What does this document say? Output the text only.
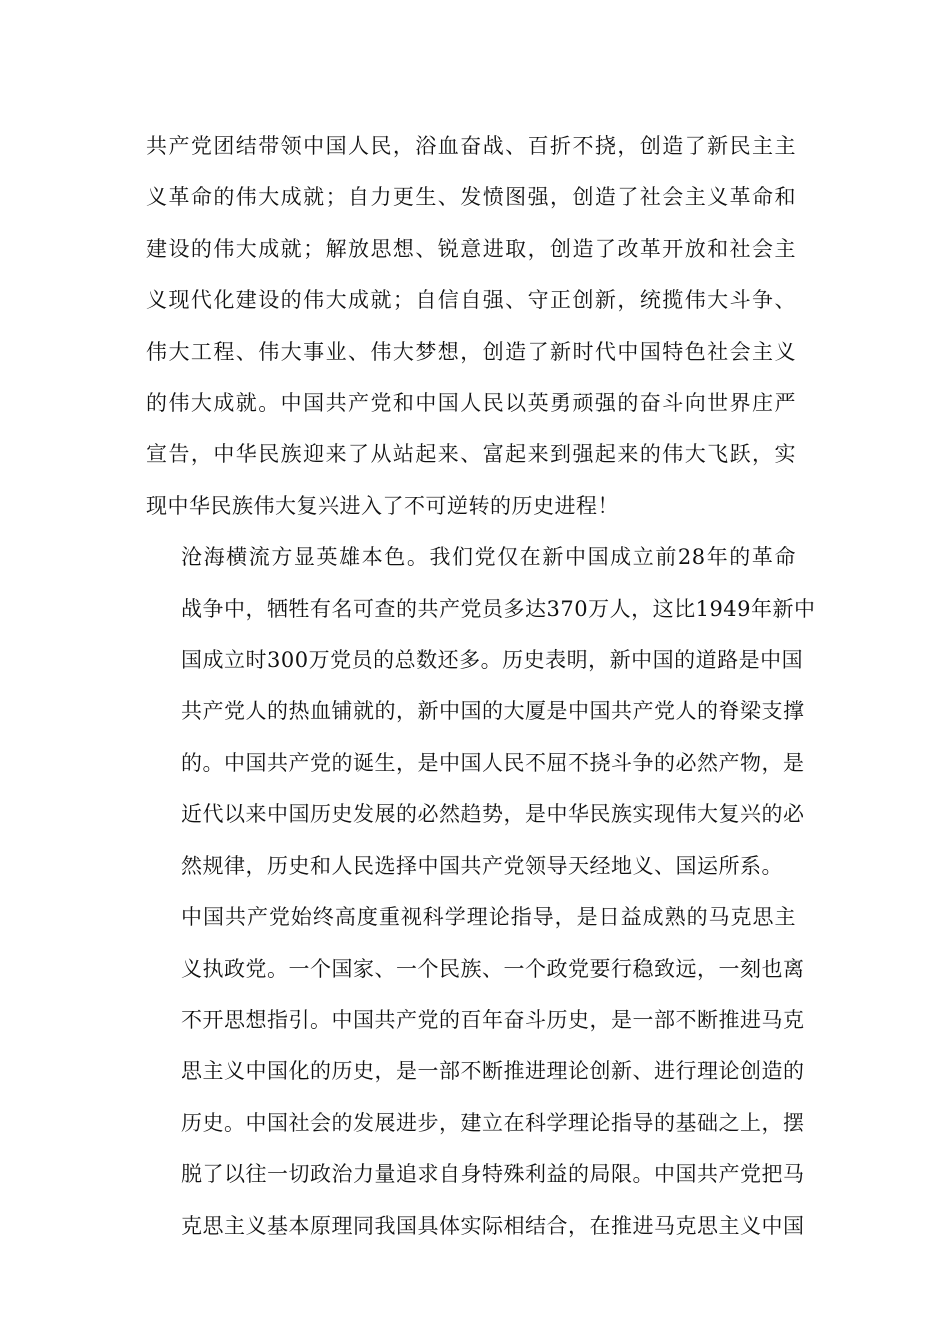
共产党团结带领中国人民，浴血奋战、百折不挠，创造了新民主主
义革命的伟大成就；自力更生、发愤图强，创造了社会主义革命和
建设的伟大成就；解放思想、锐意进取，创造了改革开放和社会主
义现代化建设的伟大成就；自信自强、守正创新，统揽伟大斗争、
伟大工程、伟大事业、伟大梦想，创造了新时代中国特色社会主义
的伟大成就。中国共产党和中国人民以英勇顽强的奋斗向世界庄严
宣告，中华民族迎来了从站起来、富起来到强起来的伟大飞跃，实
现中华民族伟大复兴进入了不可逆转的历史进程！

沧海横流方显英雄本色。我们党仅在新中国成立前28年的革命
战争中，牺牲有名可查的共产党员多达370万人，这比1949年新中
国成立时300万党员的总数还多。历史表明，新中国的道路是中国
共产党人的热血铺就的，新中国的大厦是中国共产党人的脊梁支撑
的。中国共产党的诞生，是中国人民不屈不挠斗争的必然产物，是
近代以来中国历史发展的必然趋势，是中华民族实现伟大复兴的必
然规律，历史和人民选择中国共产党领导天经地义、国运所系。

中国共产党始终高度重视科学理论指导，是日益成熟的马克思主
义执政党。一个国家、一个民族、一个政党要行稳致远，一刻也离
不开思想指引。中国共产党的百年奋斗历史，是一部不断推进马克
思主义中国化的历史，是一部不断推进理论创新、进行理论创造的
历史。中国社会的发展进步，建立在科学理论指导的基础之上，摆
脱了以往一切政治力量追求自身特殊利益的局限。中国共产党把马
克思主义基本原理同我国具体实际相结合，在推进马克思主义中国
